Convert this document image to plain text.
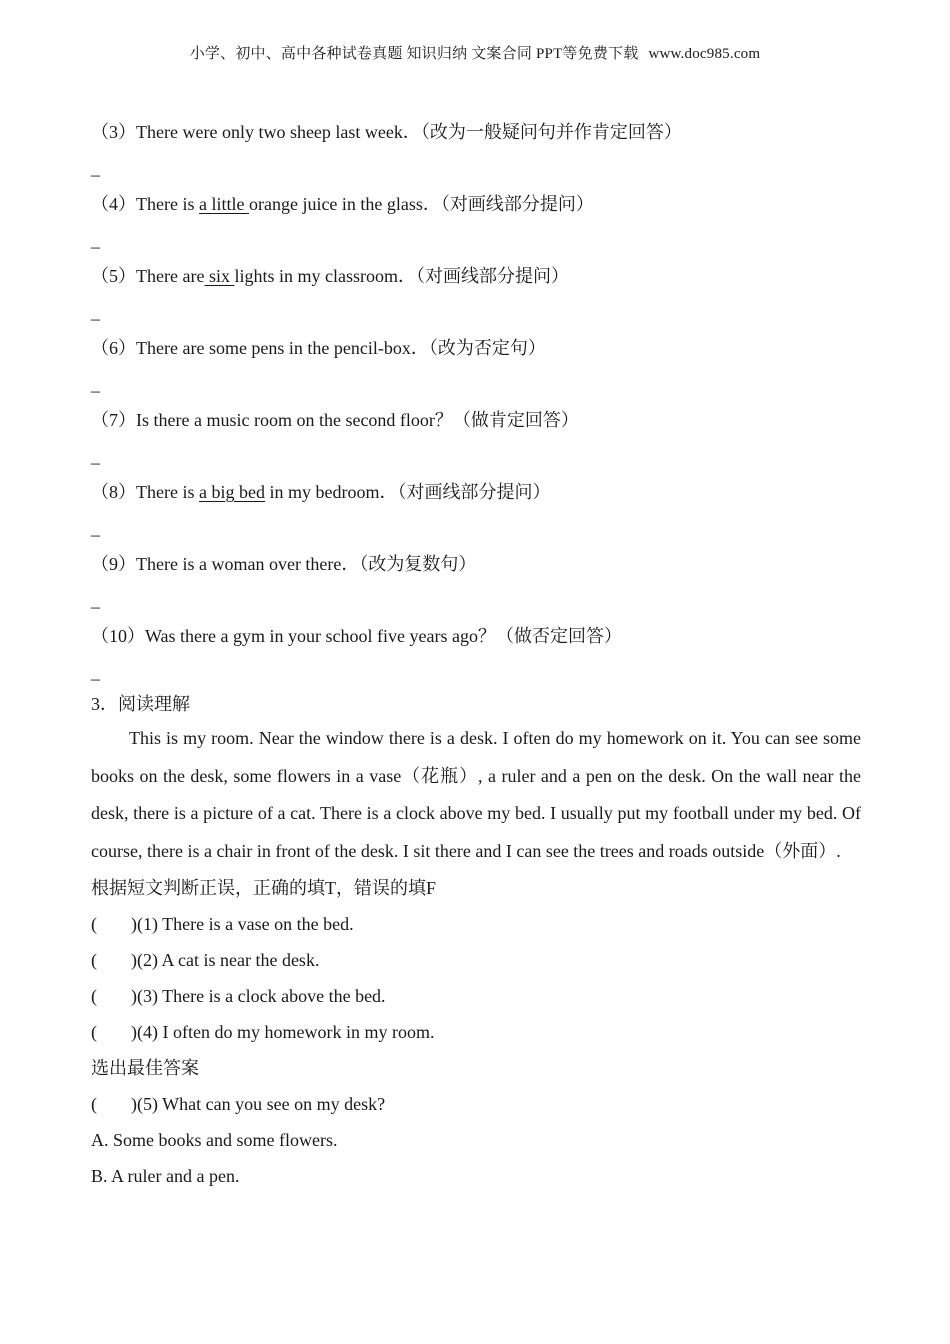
小学、初中、高中各种试卷真题 知识归纳 文案合同 PPT等免费下载 www.doc985.com

（3）There were only two sheep last week．（改为一般疑问句并作肯定回答）

_

（4）There is a little orange juice in the glass．（对画线部分提问）

_

（5）There are six lights in my classroom．（对画线部分提问）

_

（6）There are some pens in the pencil-box．（改为否定句）

_

（7）Is there a music room on the second floor？（做肯定回答）

_

（8）There is a big bed in my bedroom．（对画线部分提问）

_

（9）There is a woman over there．（改为复数句）

_

（10）Was there a gym in your school five years ago？（做否定回答）

_

3．阅读理解

This is my room. Near the window there is a desk. I often do my homework on it. You can see some books on the desk, some flowers in a vase（花瓶）, a ruler and a pen on the desk. On the wall near the desk, there is a picture of a cat. There is a clock above my bed. I usually put my football under my bed. Of course, there is a chair in front of the desk. I sit there and I can see the trees and roads outside（外面）.

根据短文判断正误，正确的填T，错误的填F
( )(1) There is a vase on the bed.
( )(2) A cat is near the desk.
( )(3) There is a clock above the bed.
( )(4) I often do my homework in my room.
选出最佳答案
( )(5) What can you see on my desk?
A. Some books and some flowers.
B. A ruler and a pen.
